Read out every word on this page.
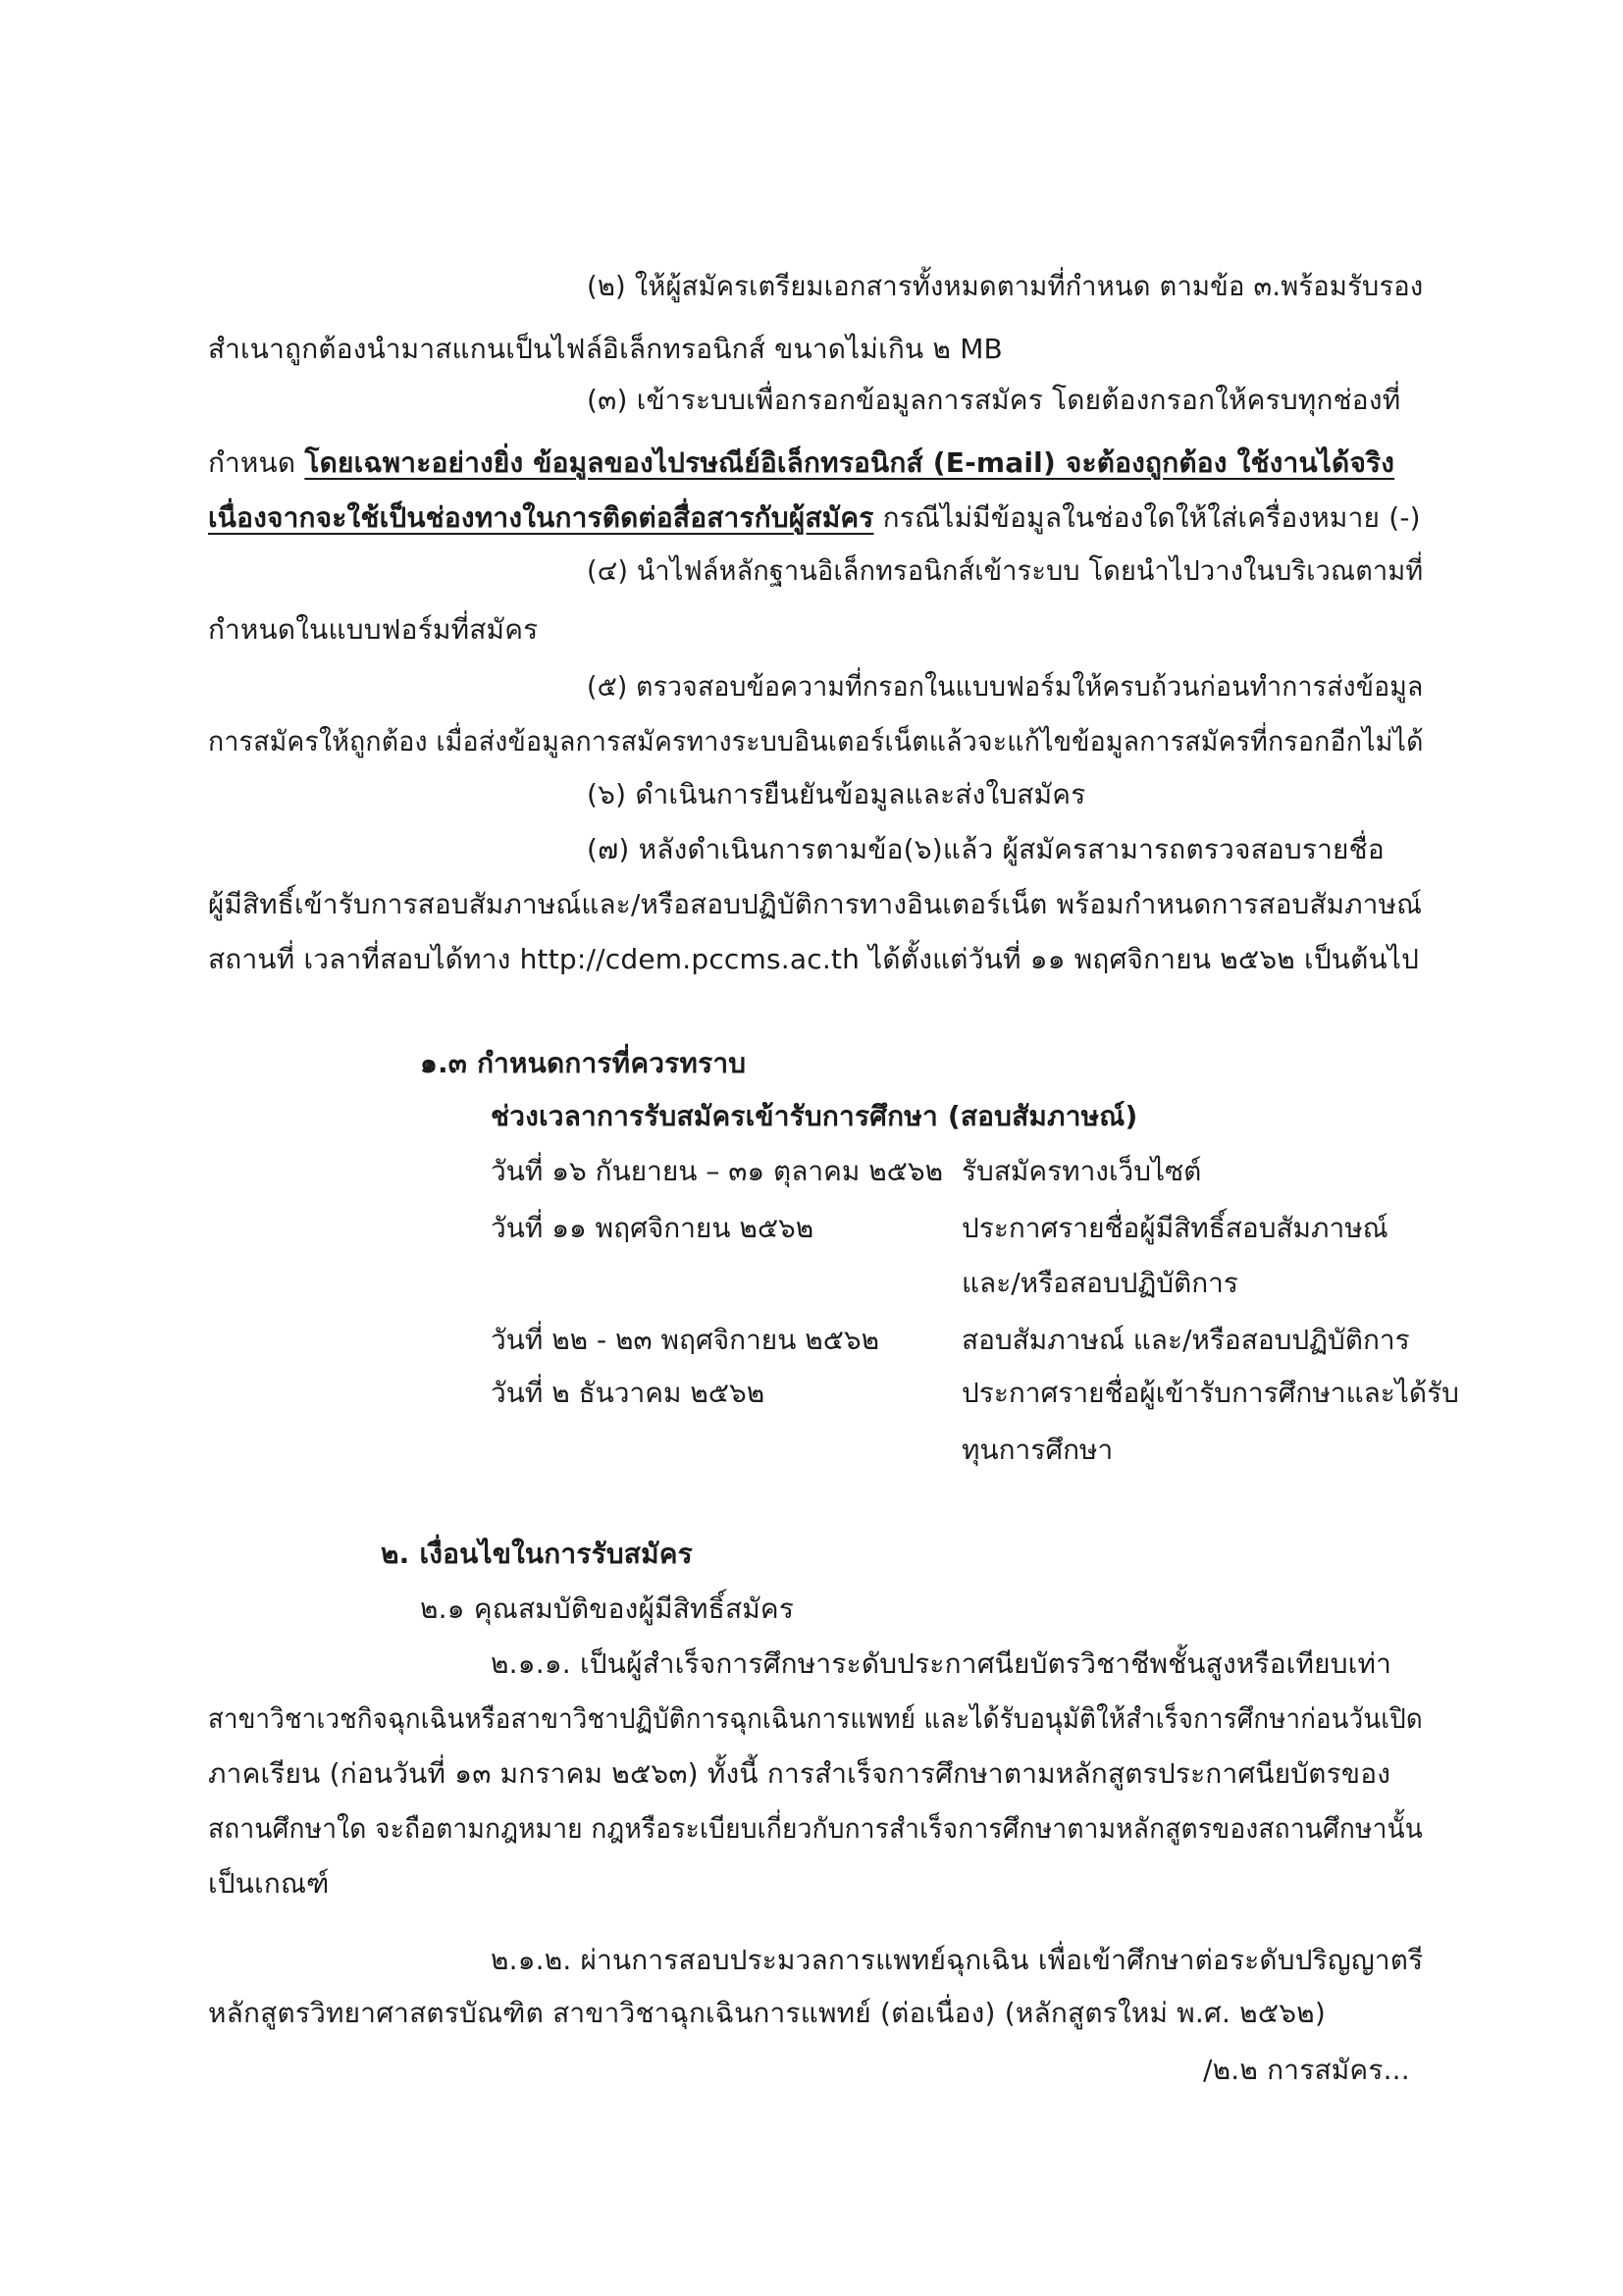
(๒) ให้ผู้สมัครเตรียมเอกสารทั้งหมดตามที่กำหนด ตามข้อ ๓.พร้อมรับรอง
สำเนาถูกต้องนำมาสแกนเป็นไฟล์อิเล็กทรอนิกส์ ขนาดไม่เกิน ๒ MB
(๓) เข้าระบบเพื่อกรอกข้อมูลการสมัคร โดยต้องกรอกให้ครบทุกช่องที่
กำหนด โดยเฉพาะอย่างยิ่ง ข้อมูลของไปรษณีย์อิเล็กทรอนิกส์ (E-mail) จะต้องถูกต้อง ใช้งานได้จริง
เนื่องจากจะใช้เป็นช่องทางในการติดต่อสื่อสารกับผู้สมัคร กรณีไม่มีข้อมูลในช่องใดให้ใส่เครื่องหมาย (-)
(๔) นำไฟล์หลักฐานอิเล็กทรอนิกส์เข้าระบบ โดยนำไปวางในบริเวณตามที่
กำหนดในแบบฟอร์มที่สมัคร
(๕) ตรวจสอบข้อความที่กรอกในแบบฟอร์มให้ครบถ้วนก่อนทำการส่งข้อมูล
การสมัครให้ถูกต้อง เมื่อส่งข้อมูลการสมัครทางระบบอินเตอร์เน็ตแล้วจะแก้ไขข้อมูลการสมัครที่กรอกอีกไม่ได้
(๖) ดำเนินการยืนยันข้อมูลและส่งใบสมัคร
(๗) หลังดำเนินการตามข้อ(๖)แล้ว ผู้สมัครสามารถตรวจสอบรายชื่อ
ผู้มีสิทธิ์เข้ารับการสอบสัมภาษณ์และ/หรือสอบปฏิบัติการทางอินเตอร์เน็ต พร้อมกำหนดการสอบสัมภาษณ์
สถานที่ เวลาที่สอบได้ทาง http://cdem.pccms.ac.th ได้ตั้งแต่วันที่ ๑๑ พฤศจิกายน ๒๕๖๒ เป็นต้นไป
๑.๓ กำหนดการที่ควรทราบ
ช่วงเวลาการรับสมัครเข้ารับการศึกษา (สอบสัมภาษณ์)
วันที่ ๑๖ กันยายน – ๓๑ ตุลาคม ๒๕๖๒ รับสมัครทางเว็บไซต์
วันที่ ๑๑ พฤศจิกายน ๒๕๖๒	ประกาศรายชื่อผู้มีสิทธิ์สอบสัมภาษณ์
และ/หรือสอบปฏิบัติการ
วันที่ ๒๒ - ๒๓ พฤศจิกายน ๒๕๖๒	สอบสัมภาษณ์ และ/หรือสอบปฏิบัติการ
วันที่ ๒ ธันวาคม ๒๕๖๒	ประกาศรายชื่อผู้เข้ารับการศึกษาและได้รับ
ทุนการศึกษา
๒. เงื่อนไขในการรับสมัคร
๒.๑ คุณสมบัติของผู้มีสิทธิ์สมัคร
๒.๑.๑. เป็นผู้สำเร็จการศึกษาระดับประกาศนียบัตรวิชาชีพชั้นสูงหรือเทียบเท่า
สาขาวิชาเวชกิจฉุกเฉินหรือสาขาวิชาปฏิบัติการฉุกเฉินการแพทย์ และได้รับอนุมัติให้สำเร็จการศึกษาก่อนวันเปิด
ภาคเรียน (ก่อนวันที่ ๑๓ มกราคม ๒๕๖๓) ทั้งนี้ การสำเร็จการศึกษาตามหลักสูตรประกาศนียบัตรของ
สถานศึกษาใด จะถือตามกฎหมาย กฎหรือระเบียบเกี่ยวกับการสำเร็จการศึกษาตามหลักสูตรของสถานศึกษานั้น
เป็นเกณฑ์
๒.๑.๒. ผ่านการสอบประมวลการแพทย์ฉุกเฉิน เพื่อเข้าศึกษาต่อระดับปริญญาตรี
หลักสูตรวิทยาศาสตรบัณฑิต สาขาวิชาฉุกเฉินการแพทย์ (ต่อเนื่อง) (หลักสูตรใหม่ พ.ศ. ๒๕๖๒)
/๒.๒ การสมัคร...
